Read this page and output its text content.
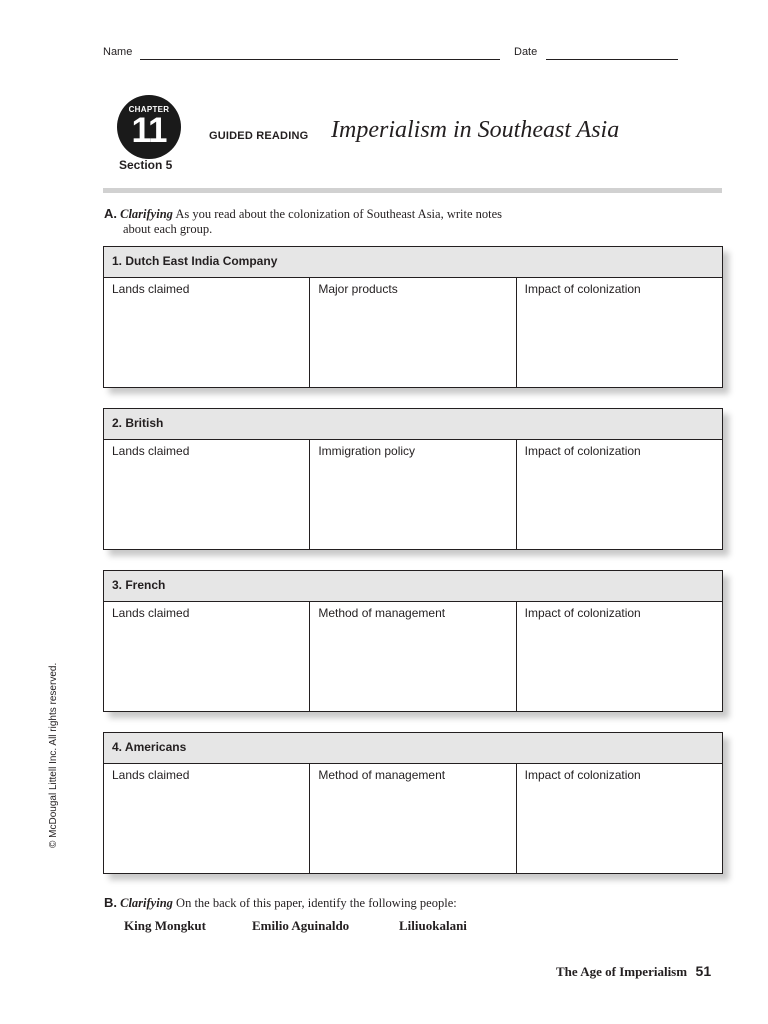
Name	Date
CHAPTER
11
Section 5
GUIDED READING Imperialism in Southeast Asia
A. Clarifying As you read about the colonization of Southeast Asia, write notes
about each group.
1. Dutch East India Company
Lands claimed	Major products	Impact of colonization
2. British
Lands claimed	Immigration policy	Impact of colonization
3. French
Lands claimed	Method of management	Impact of colonization
4. Americans
Lands claimed	Method of management	Impact of colonization
B. Clarifying On the back of this paper, identify the following people:
King Mongkut	Emilio Aguinaldo	Liliuokalani
© McDougal Littell Inc. All rights reserved.
The Age of Imperialism 51
